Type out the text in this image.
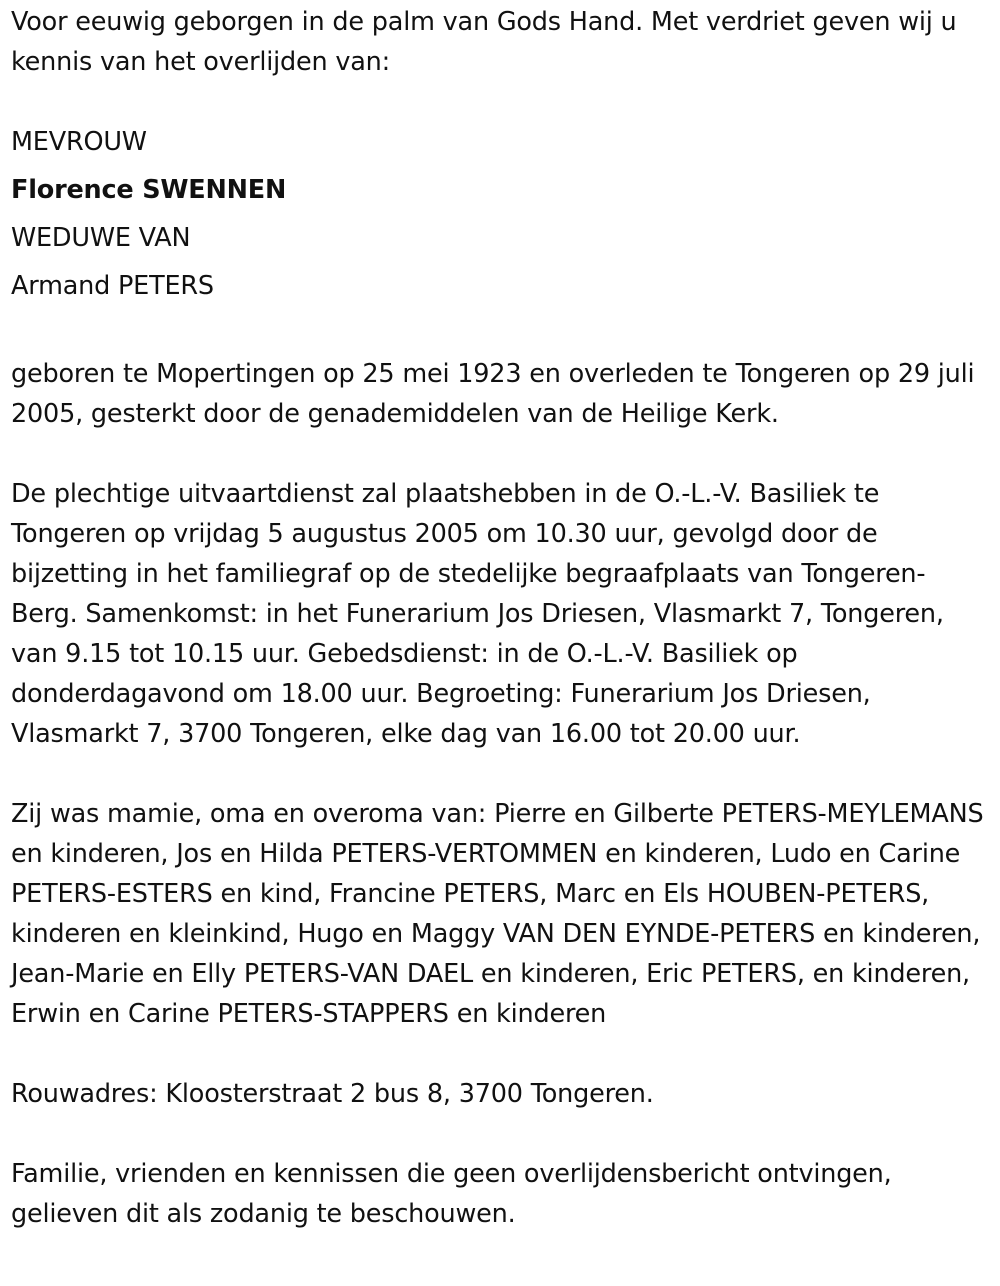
Voor eeuwig geborgen in de palm van Gods Hand. Met verdriet geven wij u kennis van het overlijden van:

MEVROUW

Florence SWENNEN

WEDUWE VAN

Armand PETERS

geboren te Mopertingen op 25 mei 1923 en overleden te Tongeren op 29 juli 2005, gesterkt door de genademiddelen van de Heilige Kerk.

De plechtige uitvaartdienst zal plaatshebben in de O.-L.-V. Basiliek te Tongeren op vrijdag 5 augustus 2005 om 10.30 uur, gevolgd door de bijzetting in het familiegraf op de stedelijke begraafplaats van Tongeren-Berg. Samenkomst: in het Funerarium Jos Driesen, Vlasmarkt 7, Tongeren, van 9.15 tot 10.15 uur. Gebedsdienst: in de O.-L.-V. Basiliek op donderdagavond om 18.00 uur. Begroeting: Funerarium Jos Driesen, Vlasmarkt 7, 3700 Tongeren, elke dag van 16.00 tot 20.00 uur.

Zij was mamie, oma en overoma van: Pierre en Gilberte PETERS-MEYLEMANS en kinderen, Jos en Hilda PETERS-VERTOMMEN en kinderen, Ludo en Carine PETERS-ESTERS en kind, Francine PETERS, Marc en Els HOUBEN-PETERS, kinderen en kleinkind, Hugo en Maggy VAN DEN EYNDE-PETERS en kinderen, Jean-Marie en Elly PETERS-VAN DAEL en kinderen, Eric PETERS, en kinderen, Erwin en Carine PETERS-STAPPERS en kinderen

Rouwadres: Kloosterstraat 2 bus 8, 3700 Tongeren.

Familie, vrienden en kennissen die geen overlijdensbericht ontvingen, gelieven dit als zodanig te beschouwen.
